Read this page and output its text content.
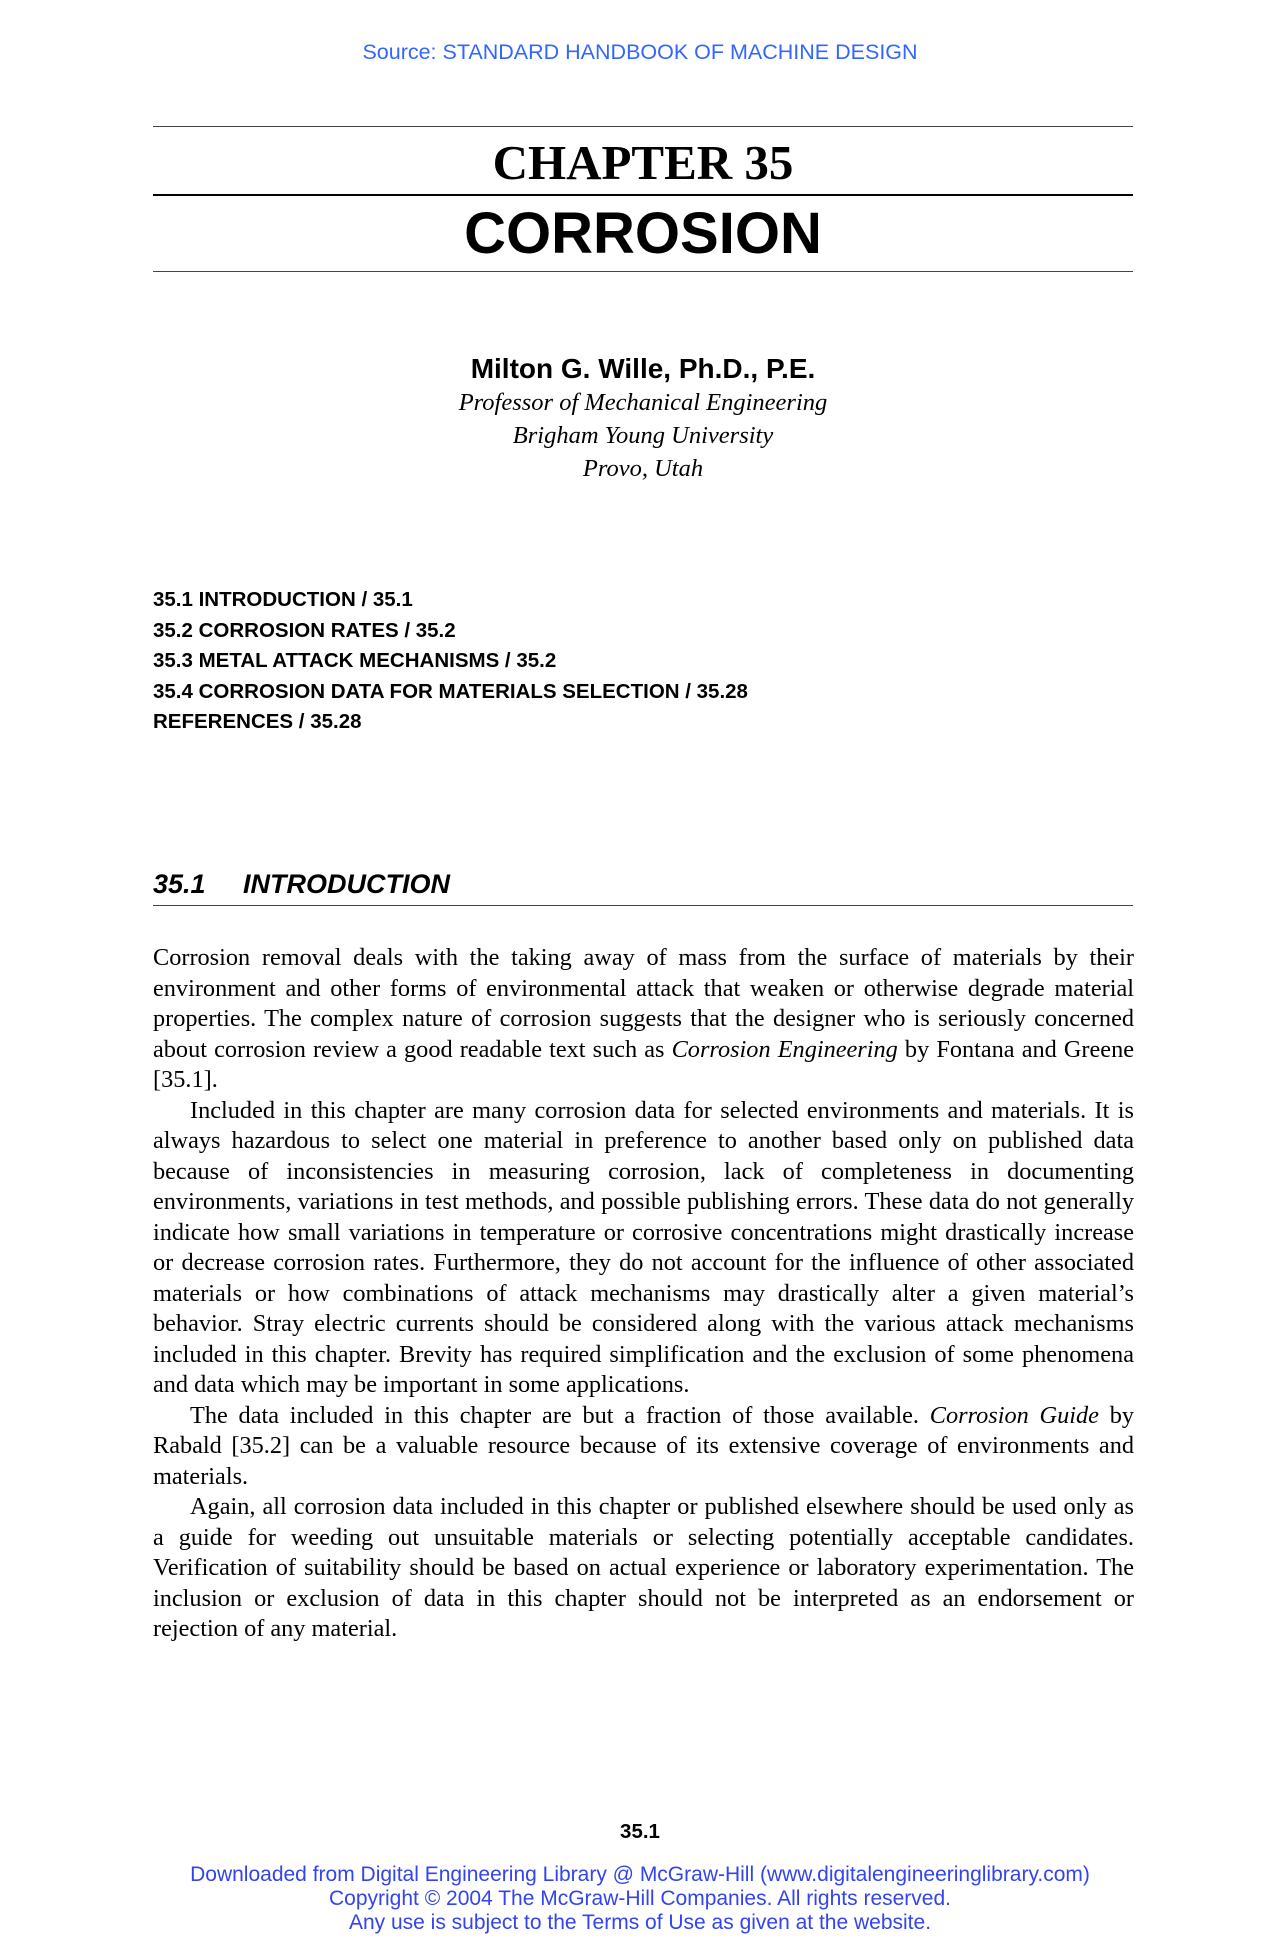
Source: STANDARD HANDBOOK OF MACHINE DESIGN
CHAPTER 35
CORROSION
Milton G. Wille, Ph.D., P.E.
Professor of Mechanical Engineering
Brigham Young University
Provo, Utah
35.1 INTRODUCTION / 35.1
35.2 CORROSION RATES / 35.2
35.3 METAL ATTACK MECHANISMS / 35.2
35.4 CORROSION DATA FOR MATERIALS SELECTION / 35.28
REFERENCES / 35.28
35.1 INTRODUCTION

Corrosion removal deals with the taking away of mass from the surface of materials by their environment and other forms of environmental attack that weaken or otherwise degrade material properties. The complex nature of corrosion suggests that the designer who is seriously concerned about corrosion review a good readable text such as Corrosion Engineering by Fontana and Greene [35.1].

Included in this chapter are many corrosion data for selected environments and materials. It is always hazardous to select one material in preference to another based only on published data because of inconsistencies in measuring corrosion, lack of completeness in documenting environments, variations in test methods, and possible publishing errors. These data do not generally indicate how small variations in temperature or corrosive concentrations might drastically increase or decrease corrosion rates. Furthermore, they do not account for the influence of other associated materials or how combinations of attack mechanisms may drastically alter a given material’s behavior. Stray electric currents should be considered along with the various attack mechanisms included in this chapter. Brevity has required simplification and the exclusion of some phenomena and data which may be important in some applications.

The data included in this chapter are but a fraction of those available. Corrosion Guide by Rabald [35.2] can be a valuable resource because of its extensive coverage of environments and materials.

Again, all corrosion data included in this chapter or published elsewhere should be used only as a guide for weeding out unsuitable materials or selecting potentially acceptable candidates. Verification of suitability should be based on actual experience or laboratory experimentation. The inclusion or exclusion of data in this chapter should not be interpreted as an endorsement or rejection of any material.

35.1
Downloaded from Digital Engineering Library @ McGraw-Hill (www.digitalengineeringlibrary.com)
Copyright © 2004 The McGraw-Hill Companies. All rights reserved.
Any use is subject to the Terms of Use as given at the website.
